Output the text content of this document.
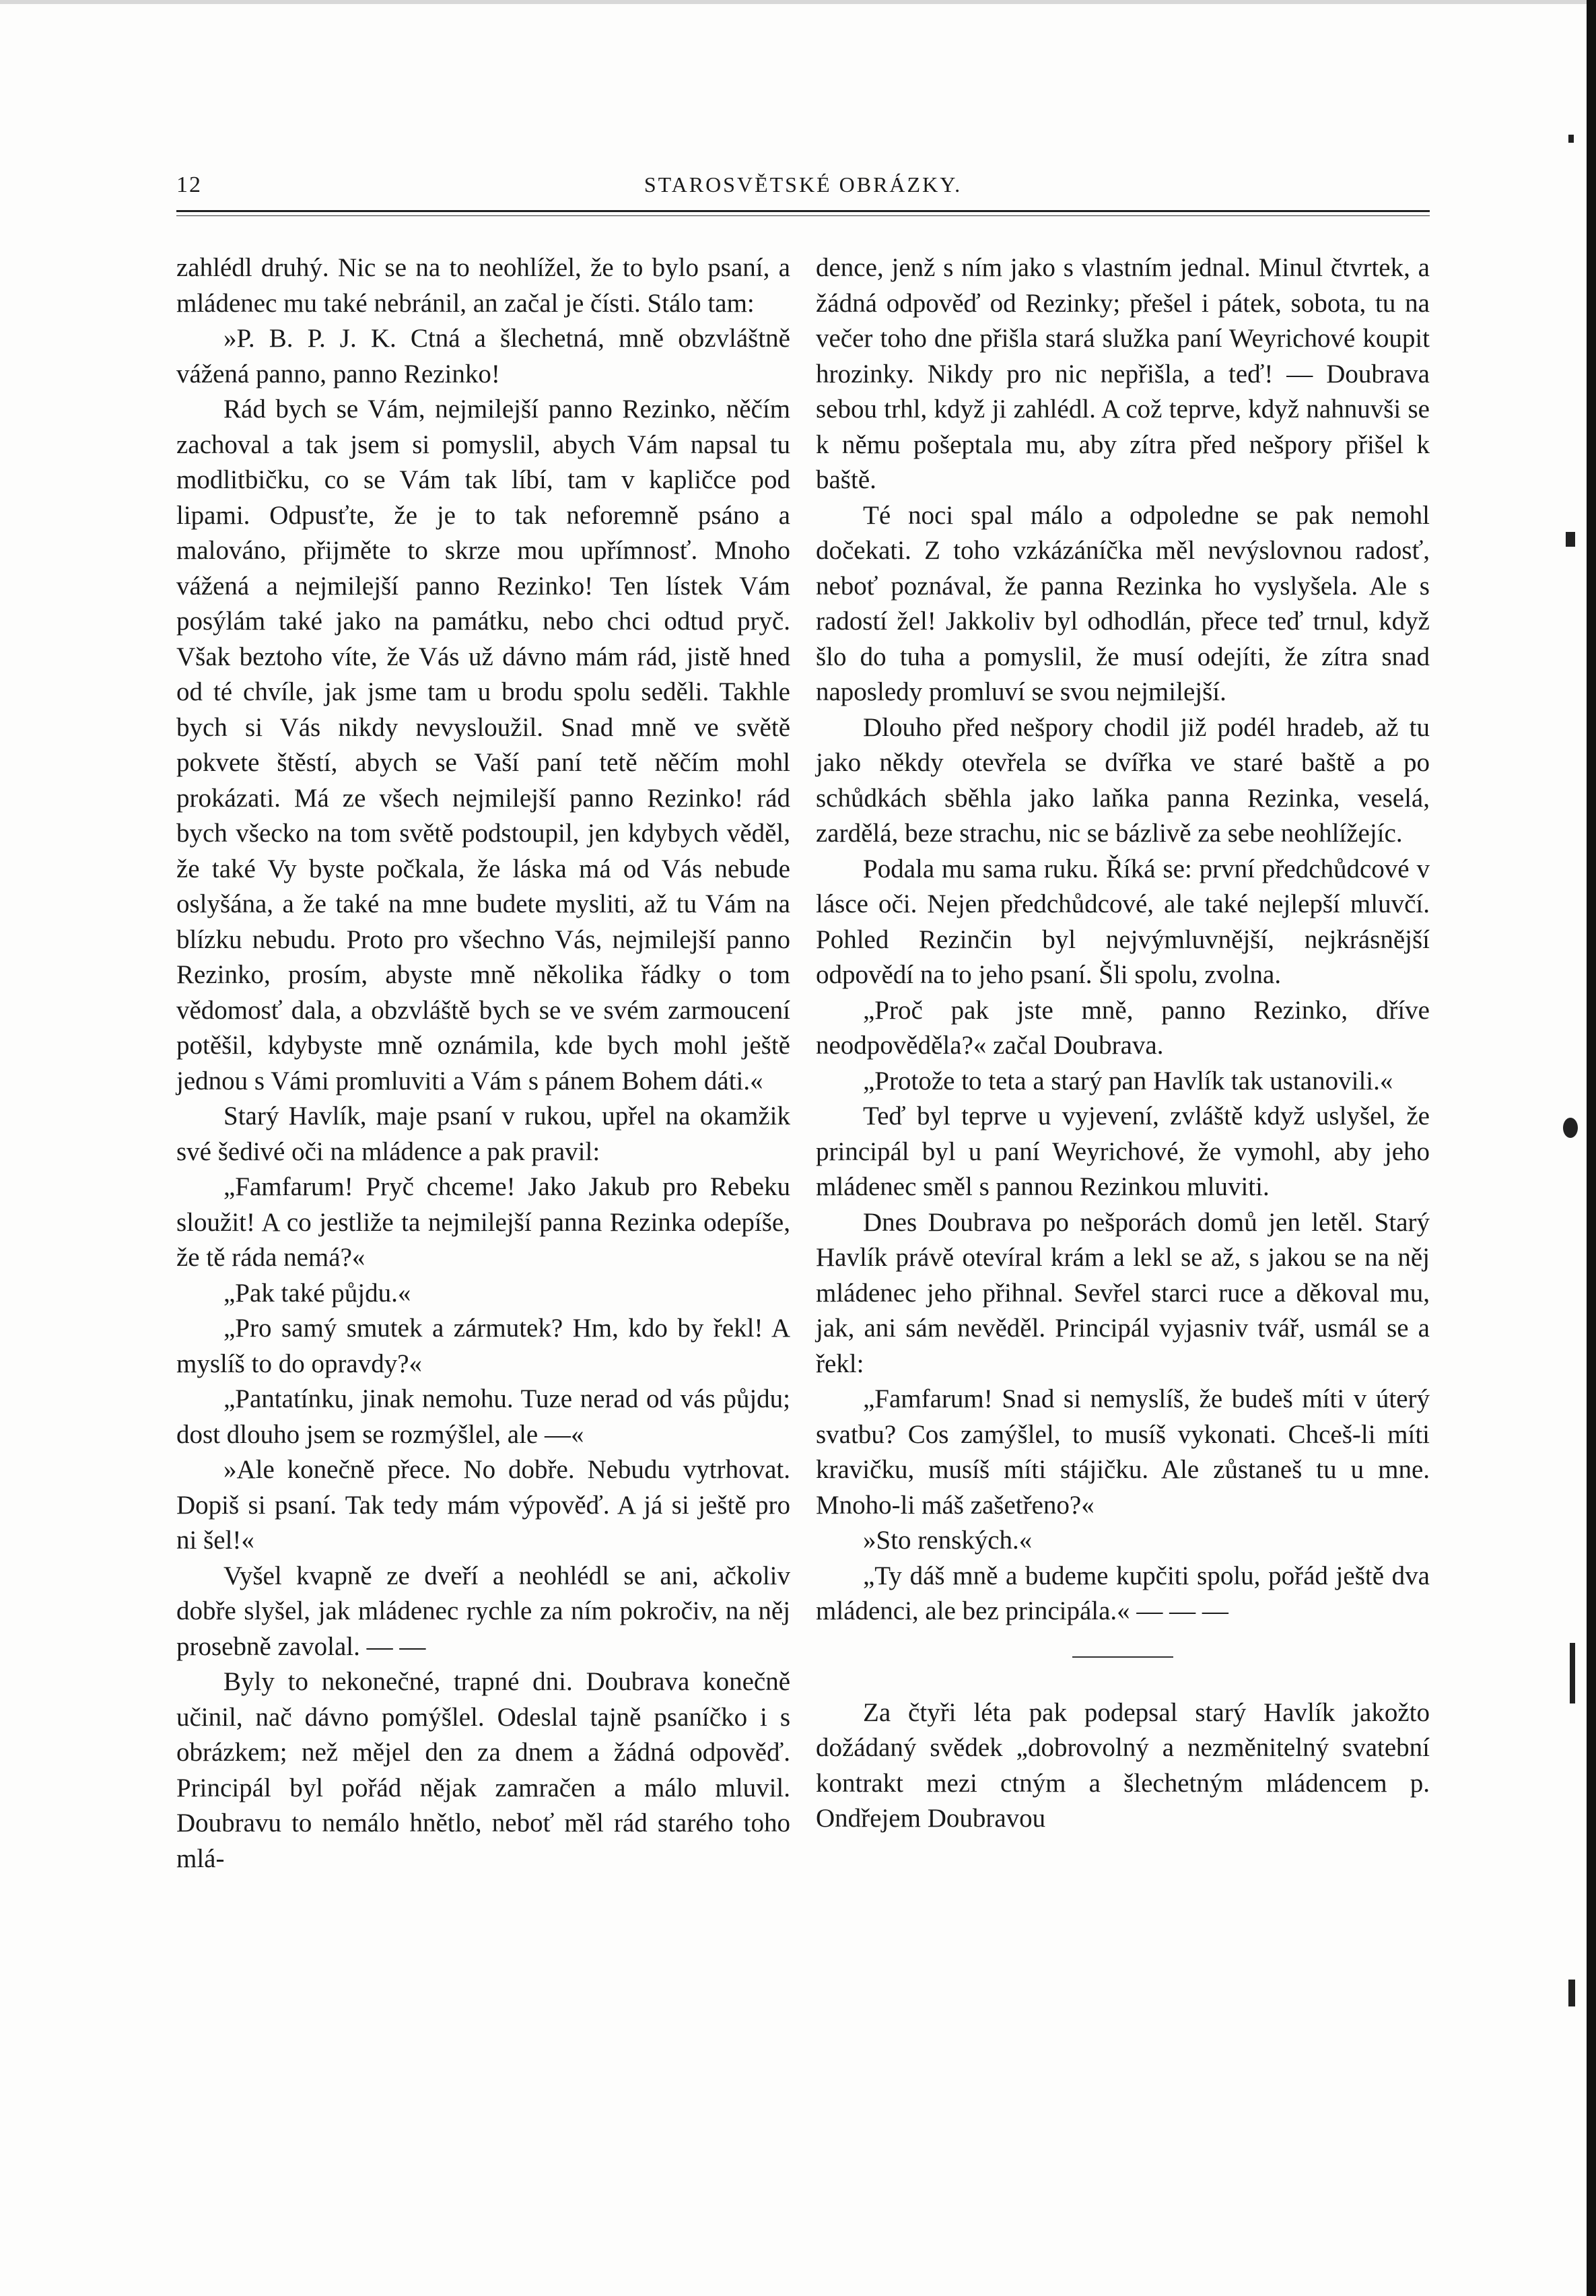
12	STAROSVĚTSKÉ OBRÁZKY.

zahlédl druhý. Nic se na to neohlížel, že to bylo psaní, a mládenec mu také nebránil, an začal je čísti. Stálo tam:

»P. B. P. J. K. Ctná a šlechetná, mně obzvláštně vážená panno, panno Rezinko!

Rád bych se Vám, nejmilejší panno Rezinko, něčím zachoval a tak jsem si pomyslil, abych Vám napsal tu modlitbičku, co se Vám tak líbí, tam v kapličce pod lipami. Odpusťte, že je to tak neforemně psáno a malováno, přijměte to skrze mou upřímnosť. Mnoho vážená a nejmilejší panno Rezinko! Ten lístek Vám posýlám také jako na památku, nebo chci odtud pryč. Však beztoho víte, že Vás už dávno mám rád, jistě hned od té chvíle, jak jsme tam u brodu spolu seděli. Takhle bych si Vás nikdy nevysloužil. Snad mně ve světě pokvete štěstí, abych se Vaší paní tetě něčím mohl prokázati. Má ze všech nejmilejší panno Rezinko! rád bych všecko na tom světě podstoupil, jen kdybych věděl, že také Vy byste počkala, že láska má od Vás nebude oslyšána, a že také na mne budete mysliti, až tu Vám na blízku nebudu. Proto pro všechno Vás, nejmilejší panno Rezinko, prosím, abyste mně několika řádky o tom vědomosť dala, a obzvláště bych se ve svém zarmoucení potěšil, kdybyste mně oznámila, kde bych mohl ještě jednou s Vámi promluviti a Vám s pánem Bohem dáti.«

Starý Havlík, maje psaní v rukou, upřel na okamžik své šedivé oči na mládence a pak pravil:

„Famfarum! Pryč chceme! Jako Jakub pro Rebeku sloužit! A co jestliže ta nejmilejší panna Rezinka odepíše, že tě ráda nemá?«

„Pak také půjdu.«

„Pro samý smutek a zármutek? Hm, kdo by řekl! A myslíš to do opravdy?«

„Pantatínku, jinak nemohu. Tuze nerad od vás půjdu; dost dlouho jsem se rozmýšlel, ale —«

»Ale konečně přece. No dobře. Nebudu vytrhovat. Dopiš si psaní. Tak tedy mám výpověď. A já si ještě pro ni šel!«

Vyšel kvapně ze dveří a neohlédl se ani, ačkoliv dobře slyšel, jak mládenec rychle za ním pokročiv, na něj prosebně zavolal. — —

Byly to nekonečné, trapné dni. Doubrava konečně učinil, nač dávno pomýšlel. Odeslal tajně psaníčko i s obrázkem; než mějel den za dnem a žádná odpověď. Principál byl pořád nějak zamračen a málo mluvil. Doubravu to nemálo hnětlo, neboť měl rád starého toho mlá-

dence, jenž s ním jako s vlastním jednal. Minul čtvrtek, a žádná odpověď od Rezinky; přešel i pátek, sobota, tu na večer toho dne přišla stará služka paní Weyrichové koupit hrozinky. Nikdy pro nic nepřišla, a teď! — Doubrava sebou trhl, když ji zahlédl. A což teprve, když nahnuvši se k němu pošeptala mu, aby zítra před nešpory přišel k baště.

Té noci spal málo a odpoledne se pak nemohl dočekati. Z toho vzkázáníčka měl nevýslovnou radosť, neboť poznával, že panna Rezinka ho vyslyšela. Ale s radostí žel! Jakkoliv byl odhodlán, přece teď trnul, když šlo do tuha a pomyslil, že musí odejíti, že zítra snad naposledy promluví se svou nejmilejší.

Dlouho před nešpory chodil již podél hradeb, až tu jako někdy otevřela se dvířka ve staré baště a po schůdkách sběhla jako laňka panna Rezinka, veselá, zardělá, beze strachu, nic se bázlivě za sebe neohlížejíc.

Podala mu sama ruku. Říká se: první předchůdcové v lásce oči. Nejen předchůdcové, ale také nejlepší mluvčí. Pohled Rezinčin byl nejvýmluvnější, nejkrásnější odpovědí na to jeho psaní. Šli spolu, zvolna.

„Proč pak jste mně, panno Rezinko, dříve neodpověděla?« začal Doubrava.

„Protože to teta a starý pan Havlík tak ustanovili.«

Teď byl teprve u vyjevení, zvláště když uslyšel, že principál byl u paní Weyrichové, že vymohl, aby jeho mládenec směl s pannou Rezinkou mluviti.

Dnes Doubrava po nešporách domů jen letěl. Starý Havlík právě otevíral krám a lekl se až, s jakou se na něj mládenec jeho přihnal. Sevřel starci ruce a děkoval mu, jak, ani sám nevěděl. Principál vyjasniv tvář, usmál se a řekl:

„Famfarum! Snad si nemyslíš, že budeš míti v úterý svatbu? Cos zamýšlel, to musíš vykonati. Chceš-li míti kravičku, musíš míti stájičku. Ale zůstaneš tu u mne. Mnoho-li máš zašetřeno?«

»Sto renských.«

„Ty dáš mně a budeme kupčiti spolu, pořád ještě dva mládenci, ale bez principála.« — — —

Za čtyři léta pak podepsal starý Havlík jakožto dožádaný svědek „dobrovolný a nezměnitelný svatební kontrakt mezi ctným a šlechetným mládencem p. Ondřejem Doubravou
